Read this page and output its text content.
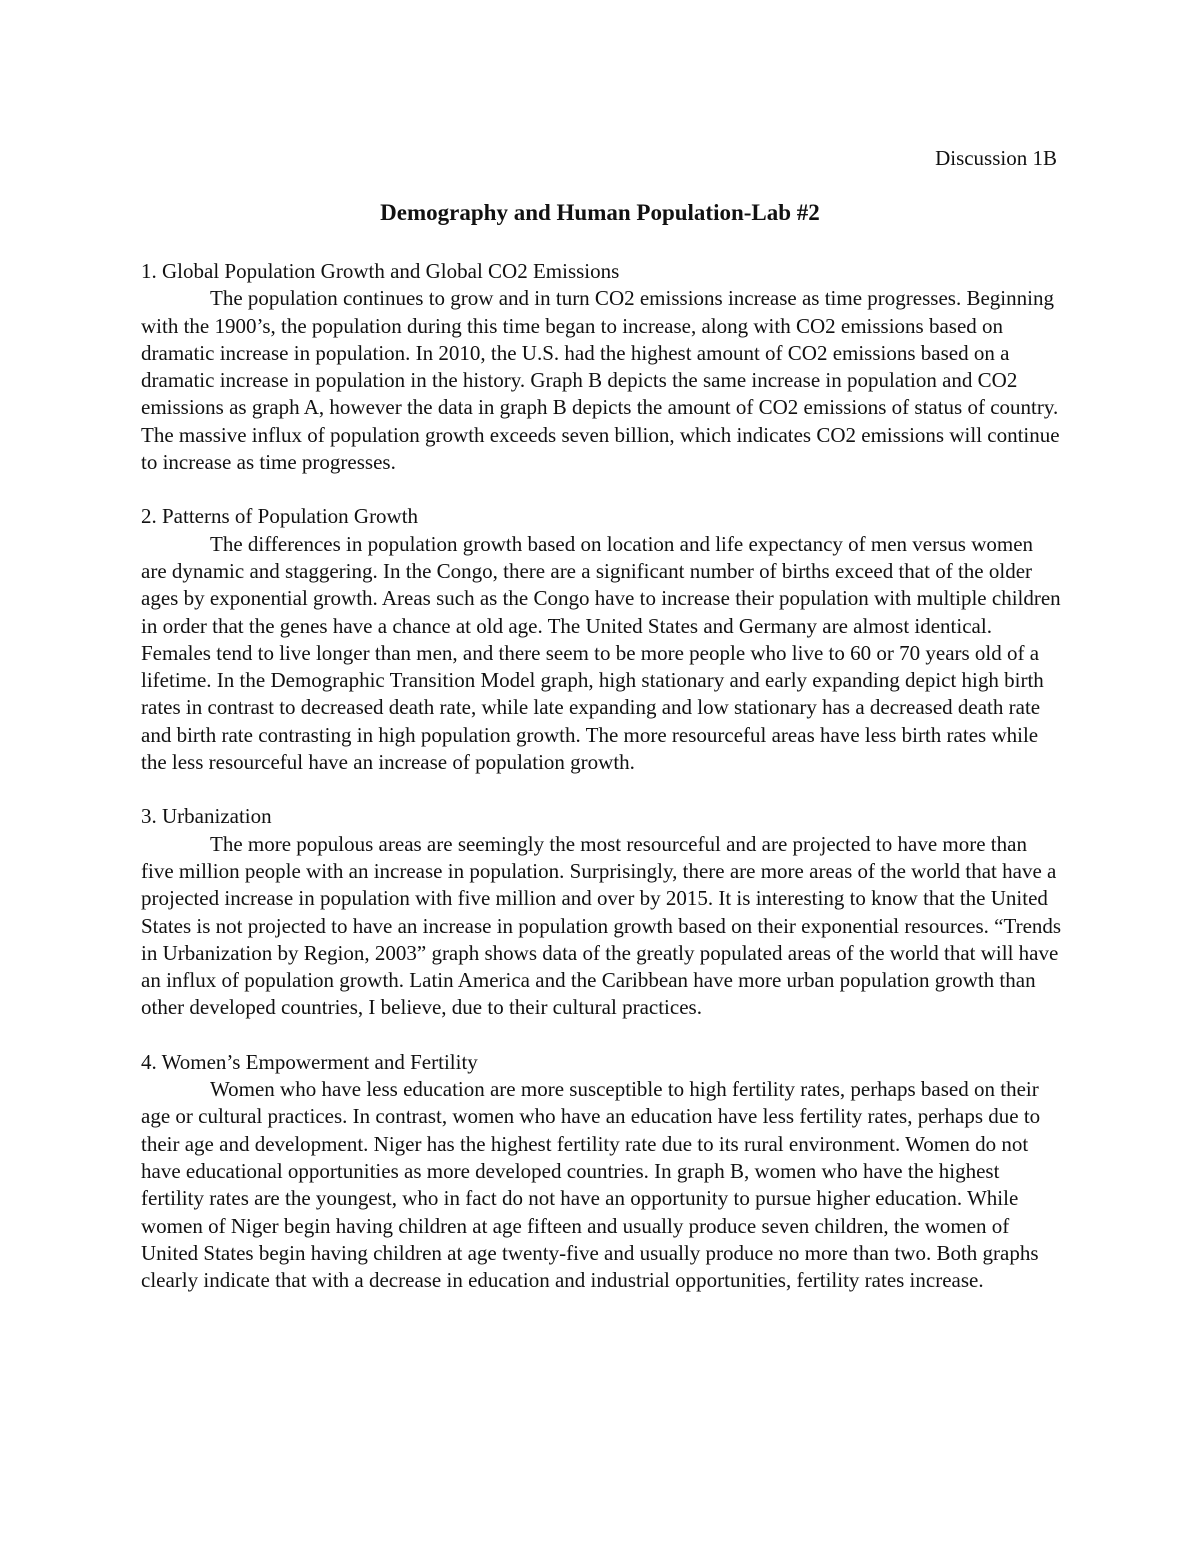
Discussion 1B

Demography and Human Population-Lab #2

1. Global Population Growth and Global CO2 Emissions

The population continues to grow and in turn CO2 emissions increase as time progresses. Beginning with the 1900’s, the population during this time began to increase, along with CO2 emissions based on dramatic increase in population. In 2010, the U.S. had the highest amount of CO2 emissions based on a dramatic increase in population in the history. Graph B depicts the same increase in population and CO2 emissions as graph A, however the data in graph B depicts the amount of CO2 emissions of status of country. The massive influx of population growth exceeds seven billion, which indicates CO2 emissions will continue to increase as time progresses.

2. Patterns of Population Growth

The differences in population growth based on location and life expectancy of men versus women are dynamic and staggering. In the Congo, there are a significant number of births exceed that of the older ages by exponential growth. Areas such as the Congo have to increase their population with multiple children in order that the genes have a chance at old age. The United States and Germany are almost identical. Females tend to live longer than men, and there seem to be more people who live to 60 or 70 years old of a lifetime. In the Demographic Transition Model graph, high stationary and early expanding depict high birth rates in contrast to decreased death rate, while late expanding and low stationary has a decreased death rate and birth rate contrasting in high population growth. The more resourceful areas have less birth rates while the less resourceful have an increase of population growth.

3. Urbanization

The more populous areas are seemingly the most resourceful and are projected to have more than five million people with an increase in population. Surprisingly, there are more areas of the world that have a projected increase in population with five million and over by 2015. It is interesting to know that the United States is not projected to have an increase in population growth based on their exponential resources. “Trends in Urbanization by Region, 2003” graph shows data of the greatly populated areas of the world that will have an influx of population growth. Latin America and the Caribbean have more urban population growth than other developed countries, I believe, due to their cultural practices.

4. Women’s Empowerment and Fertility

Women who have less education are more susceptible to high fertility rates, perhaps based on their age or cultural practices. In contrast, women who have an education have less fertility rates, perhaps due to their age and development. Niger has the highest fertility rate due to its rural environment. Women do not have educational opportunities as more developed countries. In graph B, women who have the highest fertility rates are the youngest, who in fact do not have an opportunity to pursue higher education. While women of Niger begin having children at age fifteen and usually produce seven children, the women of United States begin having children at age twenty-five and usually produce no more than two. Both graphs clearly indicate that with a decrease in education and industrial opportunities, fertility rates increase.
